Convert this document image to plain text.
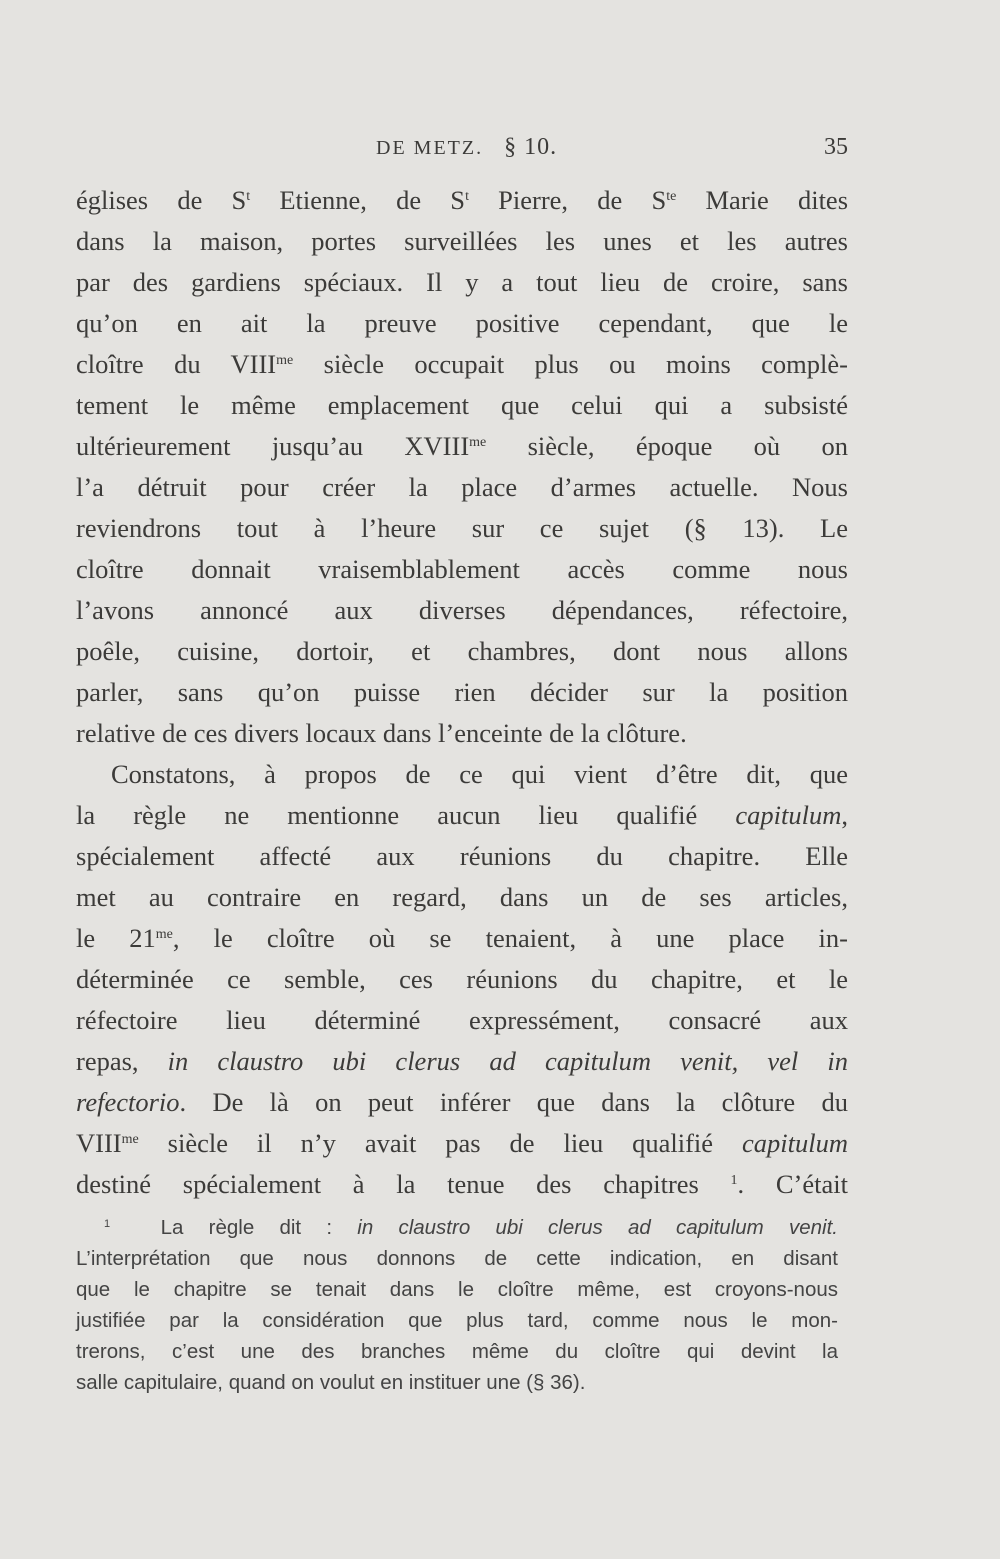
DE METZ. § 10.	35
églises de $S^t$ Etienne, de $S^t$ Pierre, de $S^{te}$ Marie dites
dans la maison, portes surveillées les unes et les autres
par des gardiens spéciaux. Il y a tout lieu de croire, sans
qu’on en ait la preuve positive cependant, que le
cloître du $VIII^{me}$ siècle occupait plus ou moins complè-
tement le même emplacement que celui qui a subsisté
ultérieurement jusqu’au $XVIII^{me}$ siècle, époque où on
l’a détruit pour créer la place d’armes actuelle. Nous
reviendrons tout à l’heure sur ce sujet (§ 13). Le
cloître donnait vraisemblablement accès comme nous
l’avons annoncé aux diverses dépendances, réfectoire,
poêle, cuisine, dortoir, et chambres, dont nous allons
parler, sans qu’on puisse rien décider sur la position
relative de ces divers locaux dans l’enceinte de la clôture.
Constatons, à propos de ce qui vient d’être dit, que
la règle ne mentionne aucun lieu qualifié capitulum,
spécialement affecté aux réunions du chapitre. Elle
met au contraire en regard, dans un de ses articles,
le $21^{me}$, le cloître où se tenaient, à une place in-
déterminée ce semble, ces réunions du chapitre, et le
réfectoire lieu déterminé expressément, consacré aux
repas, in claustro ubi clerus ad capitulum venit, vel in
refectorio. De là on peut inférer que dans la clôture du
$VIII^{me}$ siècle il n’y avait pas de lieu qualifié capitulum
destiné spécialement à la tenue des chapitres $^1$. C’était
$^1$ La règle dit : in claustro ubi clerus ad capitulum venit.
L’interprétation que nous donnons de cette indication, en disant
que le chapitre se tenait dans le cloître même, est croyons-nous
justifiée par la considération que plus tard, comme nous le mon-
trerons, c’est une des branches même du cloître qui devint la
salle capitulaire, quand on voulut en instituer une (§ 36).
